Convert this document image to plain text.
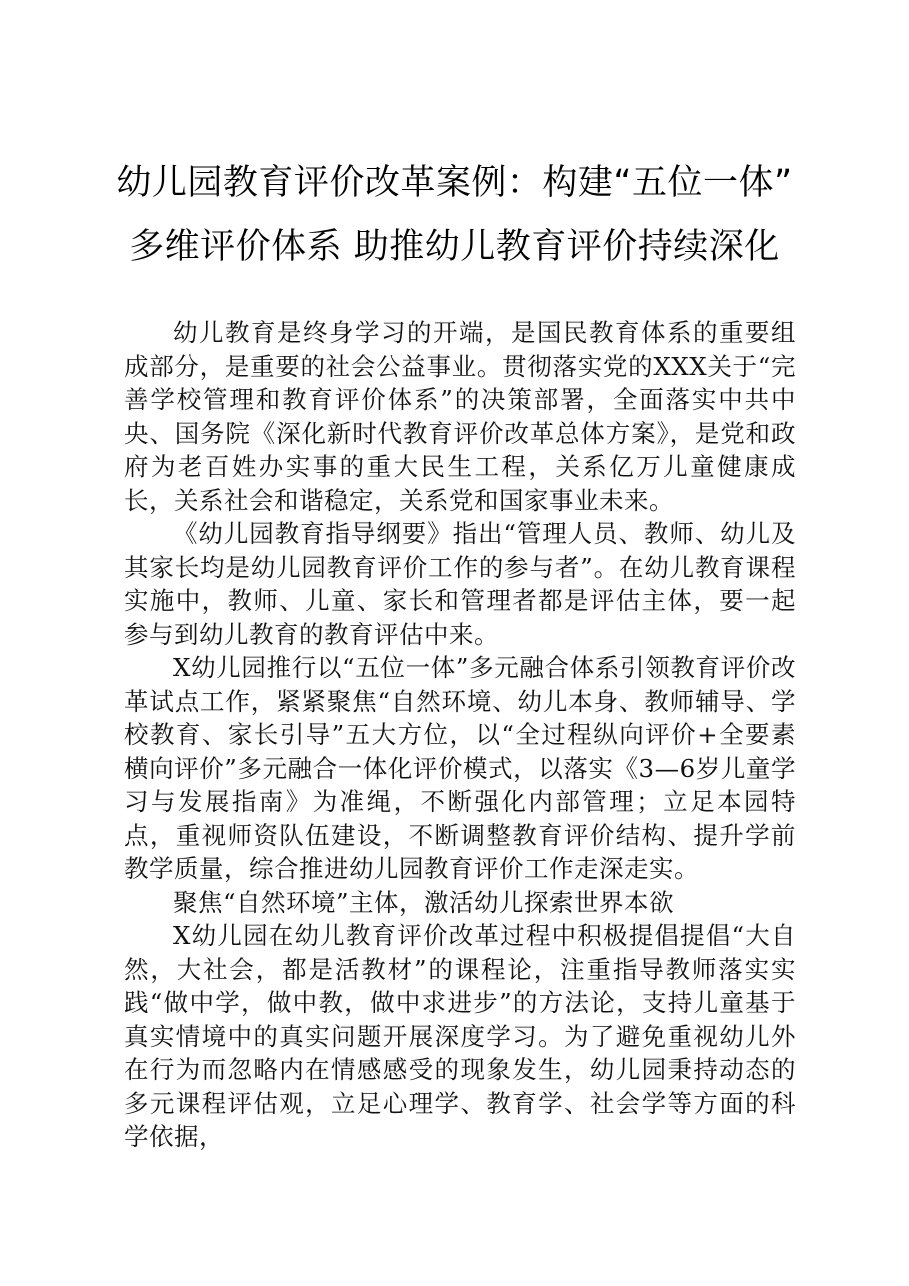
幼儿园教育评价改革案例：构建“五位一体”
多维评价体系 助推幼儿教育评价持续深化

幼儿教育是终身学习的开端，是国民教育体系的重要组成部分，是重要的社会公益事业。贯彻落实党的XXX关于“完善学校管理和教育评价体系”的决策部署，全面落实中共中央、国务院《深化新时代教育评价改革总体方案》，是党和政府为老百姓办实事的重大民生工程，关系亿万儿童健康成长，关系社会和谐稳定，关系党和国家事业未来。

《幼儿园教育指导纲要》指出“管理人员、教师、幼儿及其家长均是幼儿园教育评价工作的参与者”。在幼儿教育课程实施中，教师、儿童、家长和管理者都是评估主体，要一起参与到幼儿教育的教育评估中来。

X幼儿园推行以“五位一体”多元融合体系引领教育评价改革试点工作，紧紧聚焦“自然环境、幼儿本身、教师辅导、学校教育、家长引导”五大方位，以“全过程纵向评价+全要素横向评价”多元融合一体化评价模式，以落实《3—6岁儿童学习与发展指南》为准绳，不断强化内部管理；立足本园特点，重视师资队伍建设，不断调整教育评价结构、提升学前教学质量，综合推进幼儿园教育评价工作走深走实。

聚焦“自然环境”主体，激活幼儿探索世界本欲

X幼儿园在幼儿教育评价改革过程中积极提倡提倡“大自然，大社会，都是活教材”的课程论，注重指导教师落实实践“做中学，做中教，做中求进步”的方法论，支持儿童基于真实情境中的真实问题开展深度学习。为了避免重视幼儿外在行为而忽略内在情感感受的现象发生，幼儿园秉持动态的多元课程评估观，立足心理学、教育学、社会学等方面的科学依据，
